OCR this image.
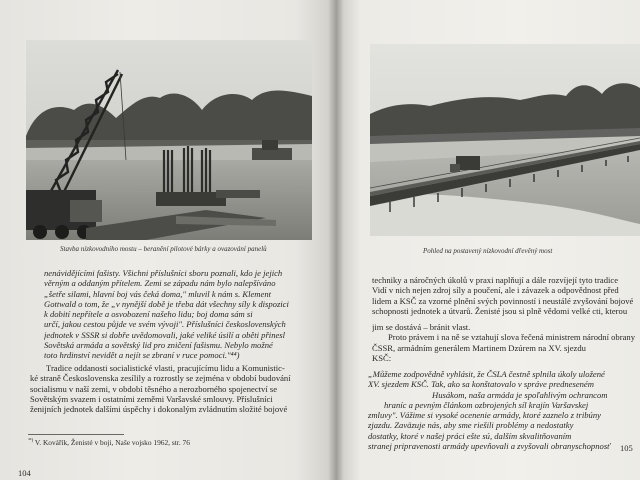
Stavba nízkovodního mostu – beranění pilotové bárky a ovazování panelů	Pohled na postavený nízkovodní dřevěný most
nenávidějícími fašisty. Všichni příslušníci sboru poznali, kdo je jejich
věrným a oddaným přítelem. Zemi se západu nám bylo nalepšíváno
„šetře silami, hlavní boj vás čeká doma," mluvil k nám s. Klement
Gottwald o tom, že „v nynější době je třeba dát všechny síly k dispozici
k dobití nepřítele a osvobození našeho lidu; boj doma sám si
určí, jakou cestou půjde ve svém vývoji". Příslušníci československých
jednotek v SSSR si dobře uvědomovali, jaké veliké úsilí a oběti přinesl
Sovětská armáda a sovětský lid pro zničení fašismu. Nebylo možné
toto hrdinství nevidět a nejít se zbraní v ruce pomoci."⁴⁴)
Tradice oddanosti socialistické vlasti, pracujícímu lidu a Komunistic-
ké straně Československa zesílily a rozrostly se zejména v období budování
socialismu v naší zemi, v období těsného a nerozborného spojenectví se
Sovětským svazem i ostatními zeměmi Varšavské smlouvy. Příslušníci
ženijních jednotek dalšími úspěchy i dokonalým zvládnutím složité bojové
$^{^{44})}$ V. Kovářík, Ženisté v boji, Naše vojsko 1962, str. 76
104
techniky a náročných úkolů v praxi naplňují a dále rozvíjejí tyto tradice
Vidí v nich nejen zdroj síly a poučení, ale i závazek a odpovědnost před
lidem a KSČ za vzorné plnění svých povinností i neustálé zvyšování bojové
schopnosti jednotek a útvarů. Ženisté jsou si plně vědomi velké cti, kterou
jim se dostává – bránit vlast.
Proto právem i na ně se vztahují slova řečená ministrem národní obrany
ČSSR, armádním generálem Martinem Dzúrem na XV. sjezdu
KSČ:
„Můžeme zodpovědně vyhlásit, že ČSLA čestně splnila úkoly uložené
XV. sjezdem KSČ. Tak, ako sa konštatovalo v správe predneseném
Husákom, naša armáda je spoľahlivým ochrancom
hraníc a pevným článkom ozbrojených síl krajín Varšavskej
zmluvy". Vážime si vysoké ocenenie armády, ktoré zaznelo z tribúny
zjazdu. Zaväzuje nás, aby sme riešili problémy a nedostatky
dostatky, ktoré v našej práci ešte sú, dalším skvalitňovaním
stranej pripravenosti armády upevňovali a zvyšovali obranyschopnosť	105
